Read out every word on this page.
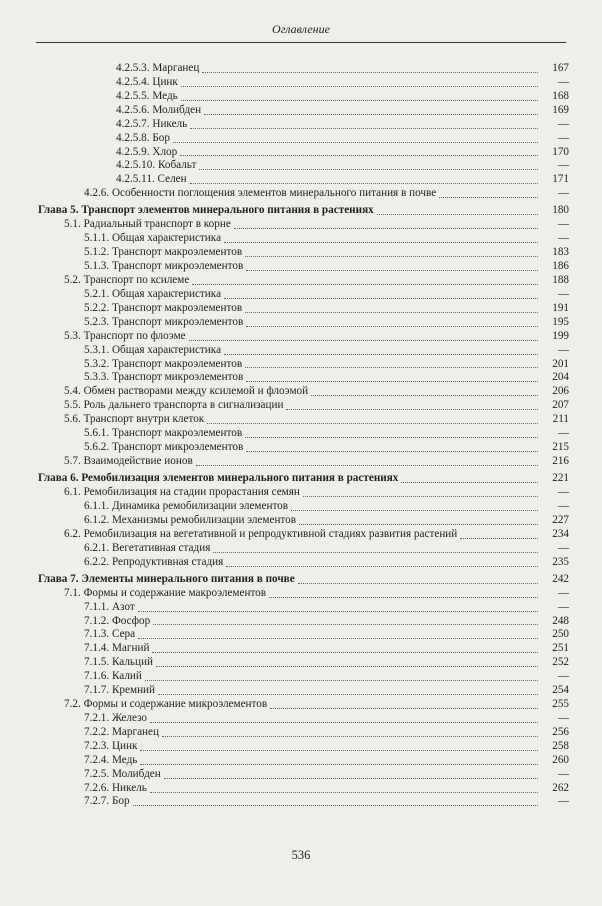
Оглавление
4.2.5.3. Марганец	167
4.2.5.4. Цинк	—
4.2.5.5. Медь	168
4.2.5.6. Молибден	169
4.2.5.7. Никель	—
4.2.5.8. Бор	—
4.2.5.9. Хлор	170
4.2.5.10. Кобальт	—
4.2.5.11. Селен	171
4.2.6. Особенности поглощения элементов минерального питания в почве	—
Глава 5. Транспорт элементов минерального питания в растениях	180
5.1. Радиальный транспорт в корне	—
5.1.1. Общая характеристика	—
5.1.2. Транспорт макроэлементов	183
5.1.3. Транспорт микроэлементов	186
5.2. Транспорт по ксилеме	188
5.2.1. Общая характеристика	—
5.2.2. Транспорт макроэлементов	191
5.2.3. Транспорт микроэлементов	195
5.3. Транспорт по флоэме	199
5.3.1. Общая характеристика	—
5.3.2. Транспорт макроэлементов	201
5.3.3. Транспорт микроэлементов	204
5.4. Обмен растворами между ксилемой и флоэмой	206
5.5. Роль дальнего транспорта в сигнализации	207
5.6. Транспорт внутри клеток	211
5.6.1. Транспорт макроэлементов	—
5.6.2. Транспорт микроэлементов	215
5.7. Взаимодействие ионов	216
Глава 6. Ремобилизация элементов минерального питания в растениях	221
6.1. Ремобилизация на стадии прорастания семян	—
6.1.1. Динамика ремобилизации элементов	—
6.1.2. Механизмы ремобилизации элементов	227
6.2. Ремобилизация на вегетативной и репродуктивной стадиях развития растений	234
6.2.1. Вегетативная стадия	—
6.2.2. Репродуктивная стадия	235
Глава 7. Элементы минерального питания в почве	242
7.1. Формы и содержание макроэлементов	—
7.1.1. Азот	—
7.1.2. Фосфор	248
7.1.3. Сера	250
7.1.4. Магний	251
7.1.5. Кальций	252
7.1.6. Калий	—
7.1.7. Кремний	254
7.2. Формы и содержание микроэлементов	255
7.2.1. Железо	—
7.2.2. Марганец	256
7.2.3. Цинк	258
7.2.4. Медь	260
7.2.5. Молибден	—
7.2.6. Никель	262
7.2.7. Бор	—
536
